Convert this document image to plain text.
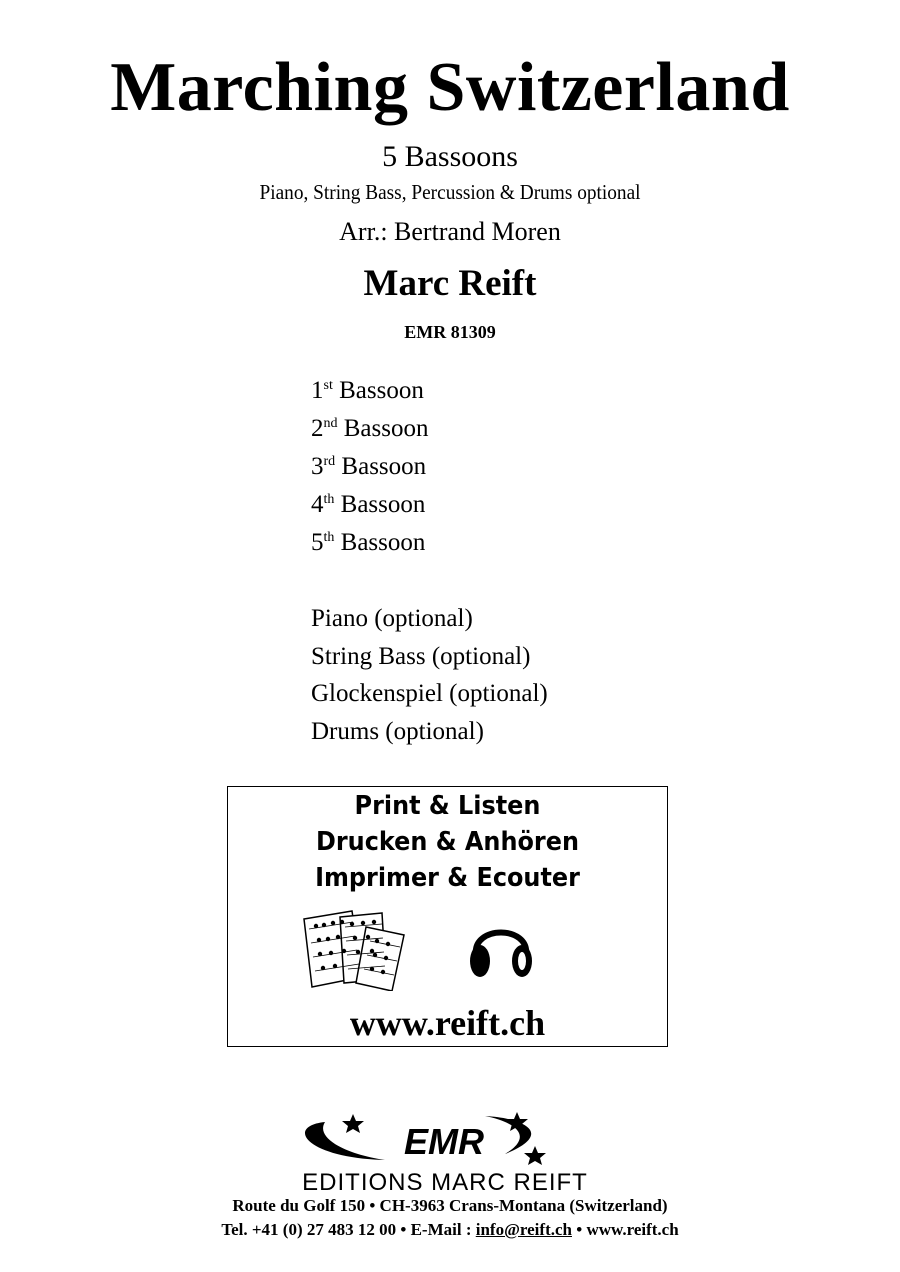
Marching Switzerland
5 Bassoons
Piano, String Bass, Percussion & Drums optional
Arr.: Bertrand Moren
Marc Reift
EMR 81309
1st Bassoon
2nd Bassoon
3rd Bassoon
4th Bassoon
5th Bassoon
Piano (optional)
String Bass (optional)
Glockenspiel (optional)
Drums (optional)
Print & Listen
Drucken & Anhören
Imprimer & Ecouter
www.reift.ch
EMR
EDITIONS MARC REIFT
Route du Golf 150 • CH-3963 Crans-Montana (Switzerland)
Tel. +41 (0) 27 483 12 00 • E-Mail : info@reift.ch • www.reift.ch
